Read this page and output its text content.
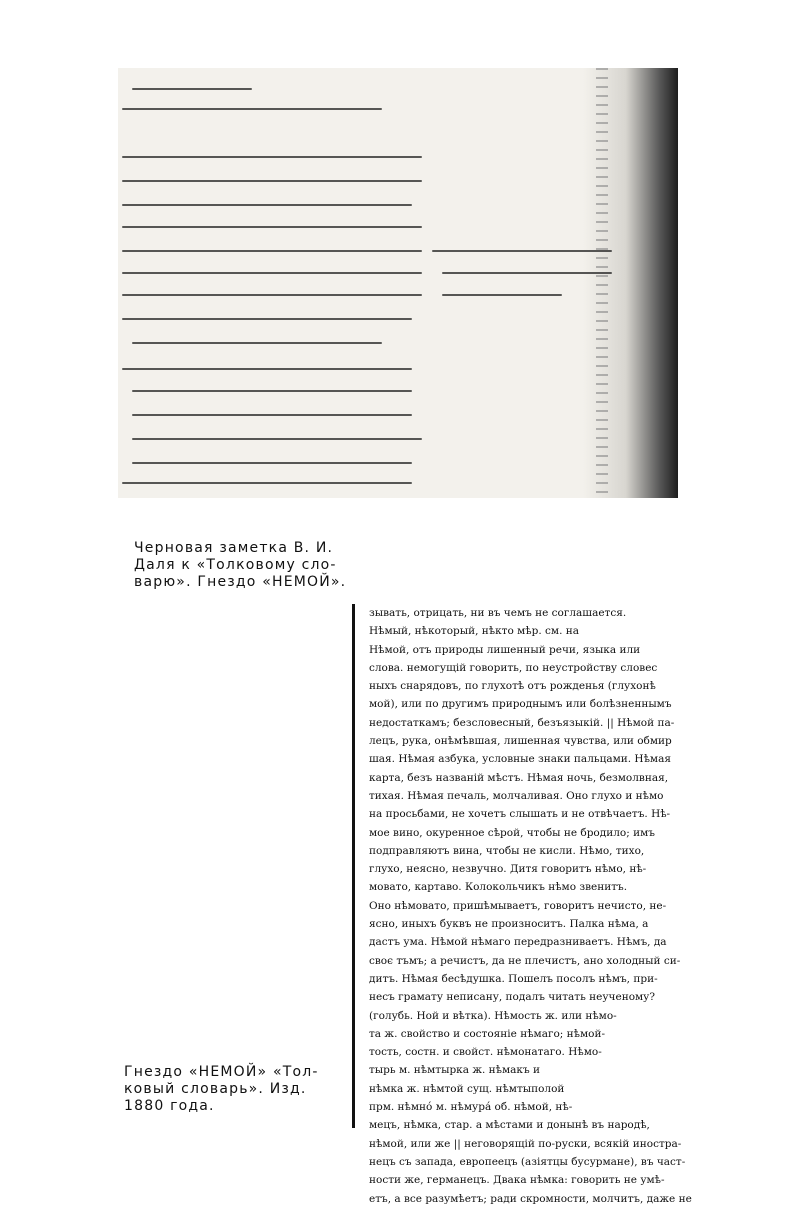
Черновая заметка В. И.
Даля к «Толковому сло-
варю». Гнездо «НЕМОЙ».
зывать, отрицать, ни въ чемъ не соглашается.
Нѣмый, нѣкоторый, нѣкто мѣр. см. на
Нѣмой, отъ природы лишенный речи, языка или
слова. немогущій говорить, по неустройству словес
ныхъ снарядовъ, по глухотѣ отъ рожденья (глухонѣ
мой), или по другимъ природнымъ или болѣзненнымъ
недостаткамъ; безсловесный, безъязыкій. || Нѣмой па-
лецъ, рука, онѣмѣвшая, лишенная чувства, или обмир
шая. Нѣмая азбука, условные знаки пальцами. Нѣмая
карта, безъ названій мѣстъ. Нѣмая ночь, безмолвная,
тихая. Нѣмая печаль, молчаливая. Оно глухо и нѣмо
на просьбами, не хочетъ слышать и не отвѣчаетъ. Нѣ-
мое вино, окуренное сѣрой, чтобы не бродило; имъ
подправляютъ вина, чтобы не кисли. Нѣмо, тихо,
глухо, неясно, незвучно. Дитя говоритъ нѣмо, нѣ-
мовато, картаво. Колокольчикъ нѣмо звенитъ.
Оно нѣмовато, пришѣмываетъ, говоритъ нечисто, не-
ясно, иныхъ буквъ не произноситъ. Палка нѣма, а
дастъ ума. Нѣмой нѣмаго передразниваетъ. Нѣмъ, да
своє тъмъ; а речистъ, да не плечистъ, ано холодный си-
дитъ. Нѣмая бесѣдушка. Пошелъ посолъ нѣмъ, при-
несъ грамату неписану, подалъ читать неученому?
(голубь. Ной и вѣтка). Нѣмость ж. или нѣмо-
та ж. свойство и состояніе нѣмаго; нѣмой-
тость, состн. и свойст. нѣмонатаго. Нѣмо-
тырь м. нѣмтырка ж. нѣмакъ и
нѣмка ж. нѣмтой сущ. нѣмтыполой
прм. нѣмнó м. нѣмурá об. нѣмой, нѣ-
мецъ, нѣмка, стар. а мѣстами и донынѣ въ народѣ,
нѣмой, или же || неговорящій по-руски, всякій иностра-
нецъ съ запада, европеецъ (азіятцы бусурмане), въ част-
ности же, германецъ. Двака нѣмка: говорить не умѣ-
етъ, а все разумѣетъ; ради скромности, молчитъ, даже не
Гнездо «НЕМОЙ» «Тол-
ковый словарь». Изд.
1880 года.
